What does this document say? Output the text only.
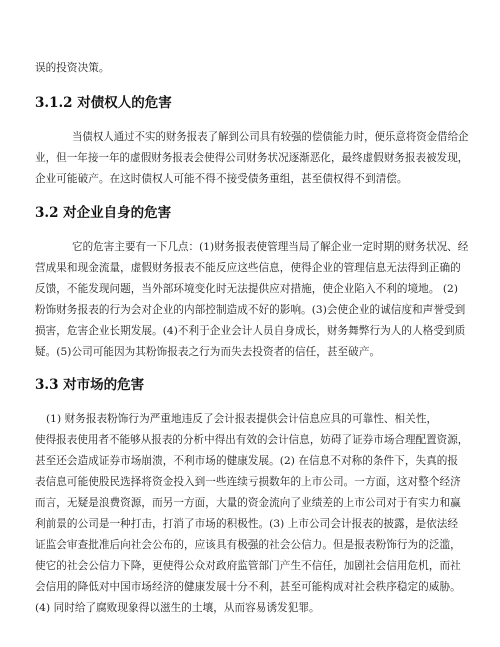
误的投资决策。
3.1.2 对债权人的危害
当债权人通过不实的财务报表了解到公司具有较强的偿债能力时，便乐意将资金借给企
业，但一年接一年的虚假财务报表会使得公司财务状况逐渐恶化，最终虚假财务报表被发现，
企业可能破产。在这时债权人可能不得不接受债务重组，甚至债权得不到清偿。
3.2 对企业自身的危害
它的危害主要有一下几点：(1)财务报表使管理当局了解企业一定时期的财务状况、经
营成果和现金流量，虚假财务报表不能反应这些信息，使得企业的管理信息无法得到正确的
反馈，不能发现问题，当外部环境变化时无法提供应对措施，使企业陷入不利的境地。 (2)
粉饰财务报表的行为会对企业的内部控制造成不好的影响。(3)会使企业的诚信度和声誉受到
损害，危害企业长期发展。(4)不利于企业会计人员自身成长，财务舞弊行为人的人格受到质
疑。(5)公司可能因为其粉饰报表之行为而失去投资者的信任，甚至破产。
3.3 对市场的危害
(1) 财务报表粉饰行为严重地违反了会计报表提供会计信息应具的可靠性、相关性，
使得报表使用者不能够从报表的分析中得出有效的会计信息，妨碍了证券市场合理配置资源，
甚至还会造成证券市场崩溃，不利市场的健康发展。(2) 在信息不对称的条件下，失真的报
表信息可能使股民选择将资金投入到一些连续亏损数年的上市公司。一方面，这对整个经济
而言，无疑是浪费资源，而另一方面，大量的资金流向了业绩差的上市公司对于有实力和赢
利前景的公司是一种打击，打消了市场的积极性。(3) 上市公司会计报表的披露，是依法经
证监会审查批准后向社会公布的，应该具有极强的社会公信力。但是报表粉饰行为的泛滥，
使它的社会公信力下降，更使得公众对政府监管部门产生不信任，加剧社会信用危机，而社
会信用的降低对中国市场经济的健康发展十分不利，甚至可能构成对社会秩序稳定的威胁。
(4) 同时给了腐败现象得以滋生的土壤，从而容易诱发犯罪。
